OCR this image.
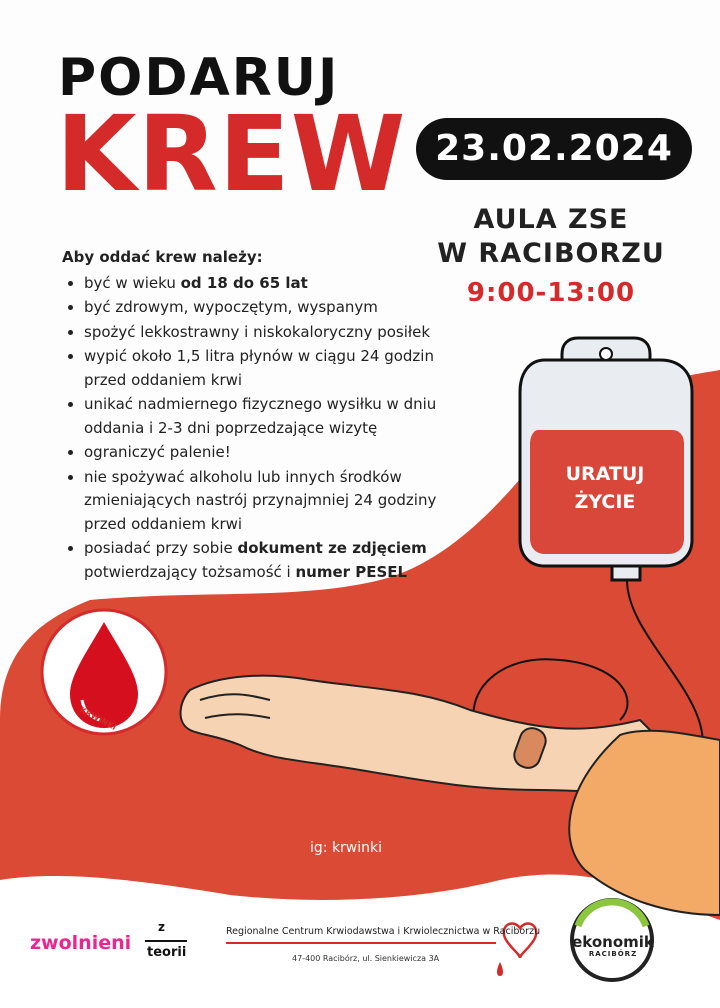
KRWINKI
PODARUJ
KREW 23.02.2024
AULA ZSE
W RACIBORZU
9:00-13:00
Aby oddać krew należy:
• być w wieku od 18 do 65 lat
• być zdrowym, wypoczętym, wyspanym
• spożyć lekkostrawny i niskokaloryczny posiłek
• wypić około 1,5 litra płynów w ciągu 24 godzin przed oddaniem krwi
• unikać nadmiernego fizycznego wysiłku w dniu oddania i 2-3 dni poprzedzające wizytę
• ograniczyć palenie!
• nie spożywać alkoholu lub innych środków zmieniających nastrój przynajmniej 24 godziny przed oddaniem krwi
• posiadać przy sobie dokument ze zdjęciem potwierdzający tożsamość i numer PESEL
URATUJ
ŻYCIE
ig: krwinki
zwolnieni
z
teorii
Regionalne Centrum Krwiodawstwa i Krwiolecznictwa w Raciborzu
47-400 Racibórz, ul. Sienkiewicza 3A
ekonomik
RACIBÓRZ
